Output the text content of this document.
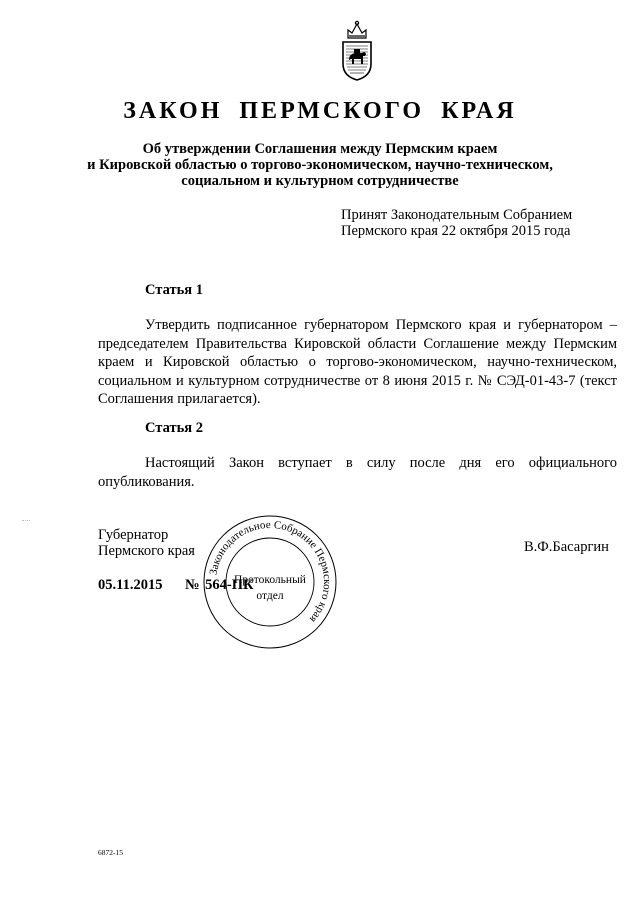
ЗАКОН ПЕРМСКОГО КРАЯ
Об утверждении Соглашения между Пермским краем
и Кировской областью о торгово-экономическом, научно-техническом,
социальном и культурном сотрудничестве
Принят Законодательным Собранием
Пермского края 22 октября 2015 года
Статья 1
Утвердить подписанное губернатором Пермского края и губернатором – председателем Правительства Кировской области Соглашение между Пермским краем и Кировской областью о торгово-экономическом, научно-техническом, социальном и культурном сотрудничестве от 8 июня 2015 г. № СЭД-01-43-7 (текст Соглашения прилагается).
Статья 2
Настоящий Закон вступает в силу после дня его официального опубликования.
Законодательное Собрание Пермского края
Протокольный
отдел
Губернатор
Пермского края	В.Ф.Басаргин
05.11.2015 № 564-ПК
6872-15
